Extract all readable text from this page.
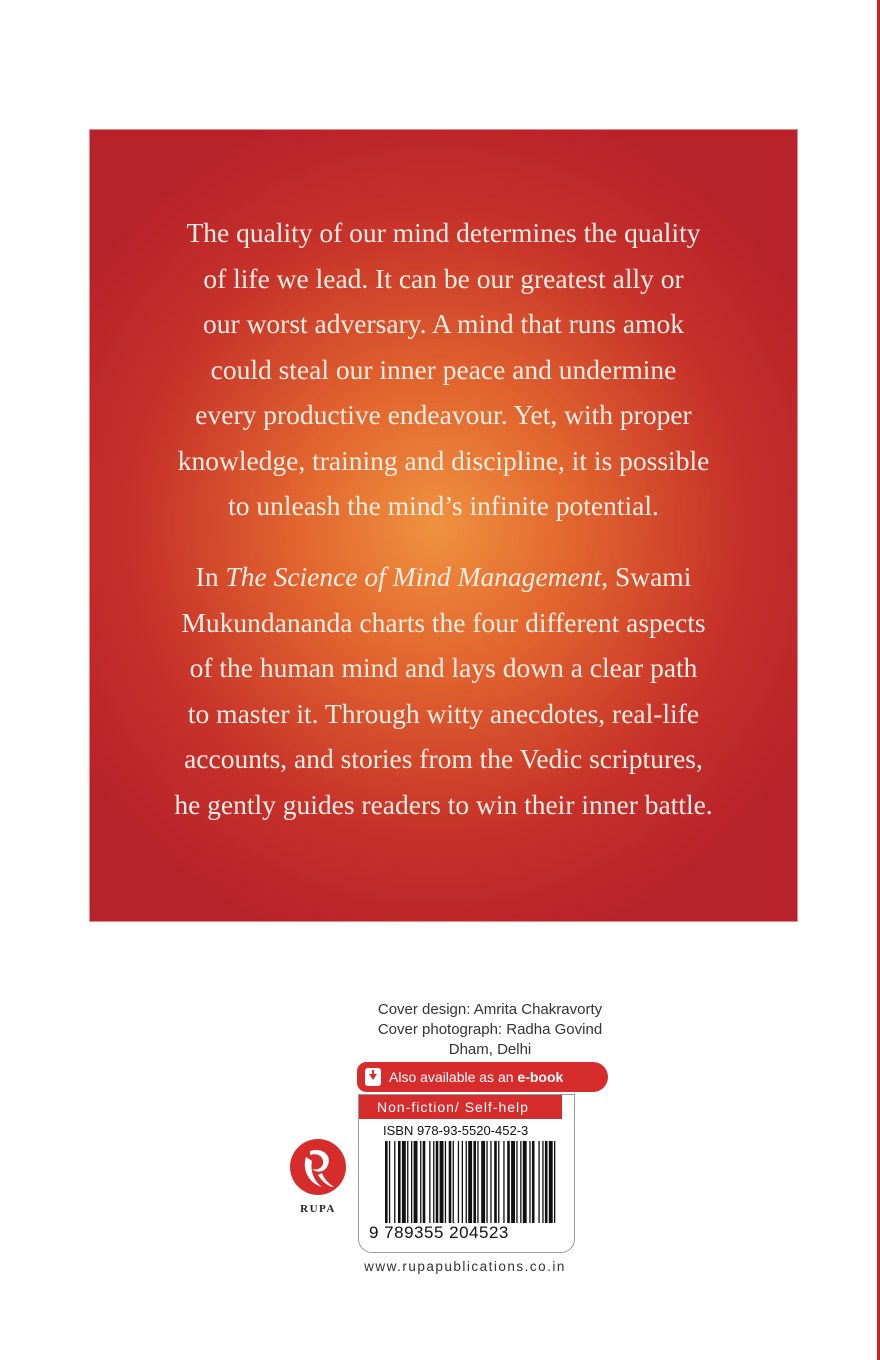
The quality of our mind determines the quality
of life we lead. It can be our greatest ally or
our worst adversary. A mind that runs amok
could steal our inner peace and undermine
every productive endeavour. Yet, with proper
knowledge, training and discipline, it is possible
to unleash the mind’s infinite potential.
In The Science of Mind Management, Swami
Mukundananda charts the four different aspects
of the human mind and lays down a clear path
to master it. Through witty anecdotes, real-life
accounts, and stories from the Vedic scriptures,
he gently guides readers to win their inner battle.
Cover design: Amrita Chakravorty
Cover photograph: Radha Govind
Dham, Delhi
Also available as an e-book
Non-fiction/ Self-help
ISBN 978-93-5520-452-3
9 789355 204523
RUPA
www.rupapublications.co.in
